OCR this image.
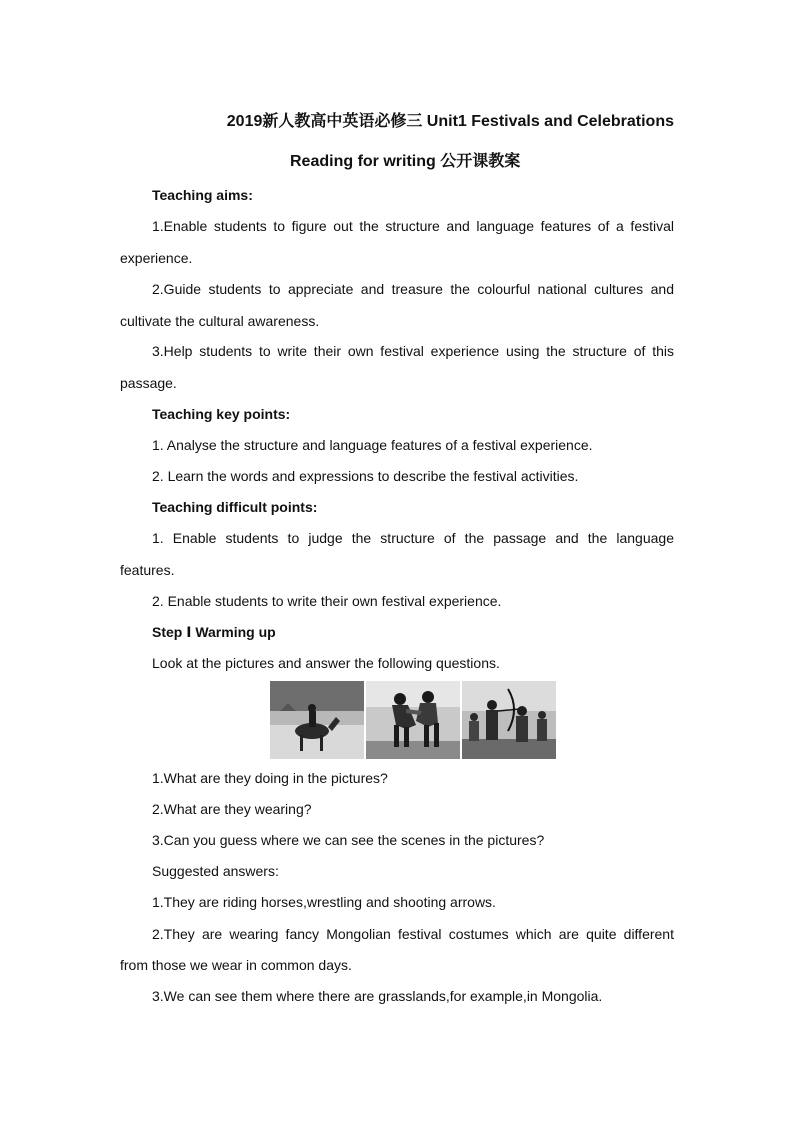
2019新人教高中英语必修三 Unit1 Festivals and Celebrations
Reading for writing 公开课教案
Teaching aims:
1.Enable students to figure out the structure and language features of a festival
experience.
2.Guide students to appreciate and treasure the colourful national cultures and
cultivate the cultural awareness.
3.Help students to write their own festival experience using the structure of this
passage.
Teaching key points:
1. Analyse the structure and language features of a festival experience.
2. Learn the words and expressions to describe the festival activities.
Teaching difficult points:
1. Enable students to judge the structure of the passage and the language
features.
2. Enable students to write their own festival experience.
Step Ⅰ Warming up
Look at the pictures and answer the following questions.
1.What are they doing in the pictures?
2.What are they wearing?
3.Can you guess where we can see the scenes in the pictures?
Suggested answers:
1.They are riding horses,wrestling and shooting arrows.
2.They are wearing fancy Mongolian festival costumes which are quite different
from those we wear in common days.
3.We can see them where there are grasslands,for example,in Mongolia.
